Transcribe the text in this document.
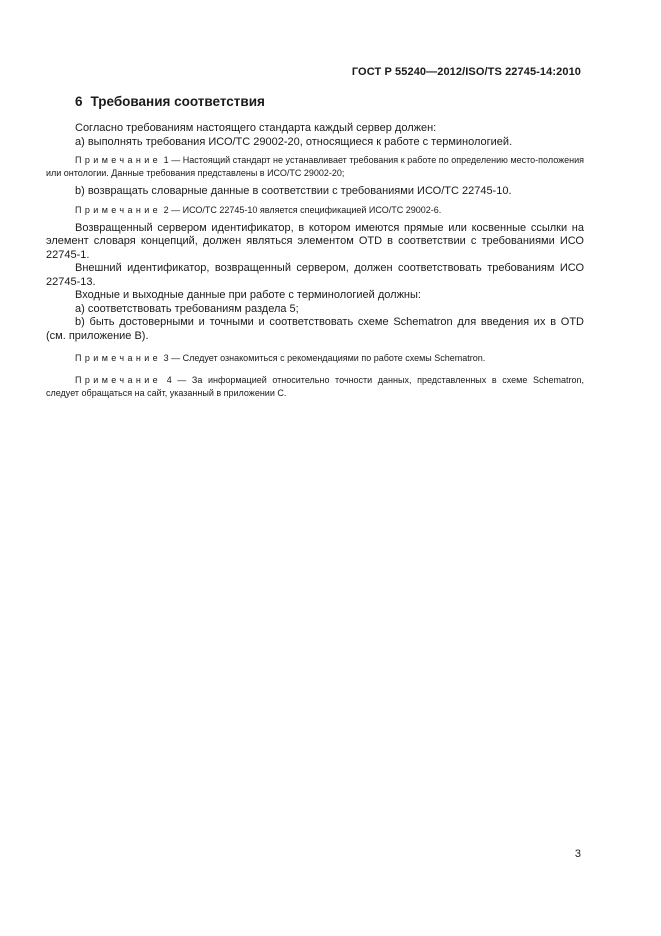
ГОСТ Р 55240—2012/ISO/TS 22745-14:2010
6 Требования соответствия

Согласно требованиям настоящего стандарта каждый сервер должен:

а) выполнять требования ИСО/ТС 29002-20, относящиеся к работе с терминологией.

Примечание 1 — Настоящий стандарт не устанавливает требования к работе по определению место-положения или онтологии. Данные требования представлены в ИСО/ТС 29002-20;

b) возвращать словарные данные в соответствии с требованиями ИСО/ТС 22745-10.

Примечание 2 — ИСО/ТС 22745-10 является спецификацией ИСО/ТС 29002-6.

Возвращенный сервером идентификатор, в котором имеются прямые или косвенные ссылки на элемент словаря концепций, должен являться элементом OTD в соответствии с требованиями ИСО 22745-1.

Внешний идентификатор, возвращенный сервером, должен соответствовать требованиям ИСО 22745-13.

Входные и выходные данные при работе с терминологией должны:

а) соответствовать требованиям раздела 5;

b) быть достоверными и точными и соответствовать схеме Schematron для введения их в OTD (см. приложение В).

Примечание 3 — Следует ознакомиться с рекомендациями по работе схемы Schematron.

Примечание 4 — За информацией относительно точности данных, представленных в схеме Schematron, следует обращаться на сайт, указанный в приложении С.

3
